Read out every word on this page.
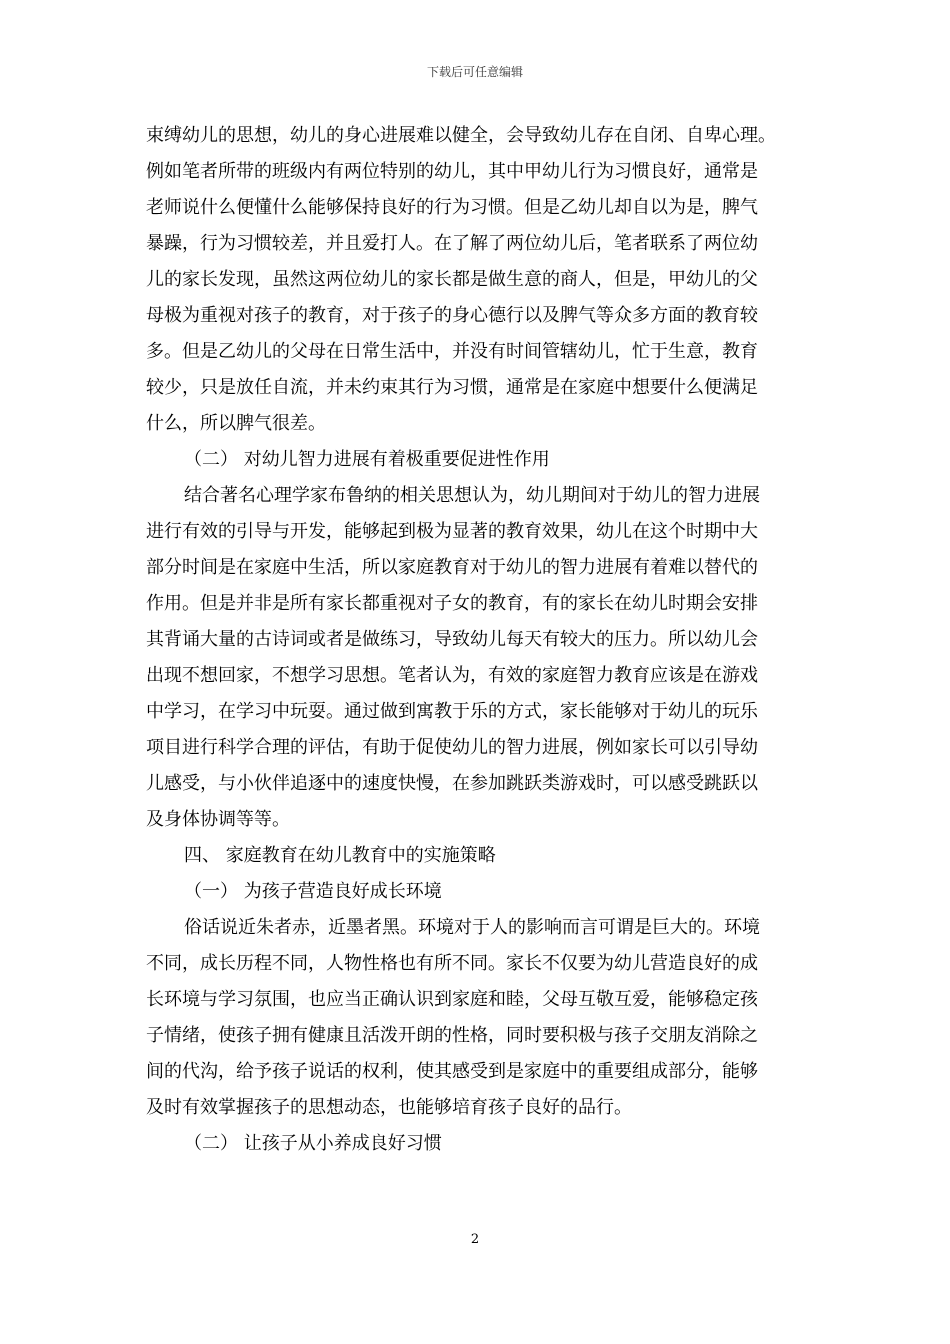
下载后可任意编辑
束缚幼儿的思想，幼儿的身心进展难以健全，会导致幼儿存在自闭、自卑心理。
例如笔者所带的班级内有两位特别的幼儿，其中甲幼儿行为习惯良好，通常是
老师说什么便懂什么能够保持良好的行为习惯。但是乙幼儿却自以为是，脾气
暴躁，行为习惯较差，并且爱打人。在了解了两位幼儿后，笔者联系了两位幼
儿的家长发现，虽然这两位幼儿的家长都是做生意的商人，但是，甲幼儿的父
母极为重视对孩子的教育，对于孩子的身心德行以及脾气等众多方面的教育较
多。但是乙幼儿的父母在日常生活中，并没有时间管辖幼儿，忙于生意，教育
较少，只是放任自流，并未约束其行为习惯，通常是在家庭中想要什么便满足
什么，所以脾气很差。
（二） 对幼儿智力进展有着极重要促进性作用
结合著名心理学家布鲁纳的相关思想认为，幼儿期间对于幼儿的智力进展
进行有效的引导与开发，能够起到极为显著的教育效果，幼儿在这个时期中大
部分时间是在家庭中生活，所以家庭教育对于幼儿的智力进展有着难以替代的
作用。但是并非是所有家长都重视对子女的教育，有的家长在幼儿时期会安排
其背诵大量的古诗词或者是做练习，导致幼儿每天有较大的压力。所以幼儿会
出现不想回家，不想学习思想。笔者认为，有效的家庭智力教育应该是在游戏
中学习，在学习中玩耍。通过做到寓教于乐的方式，家长能够对于幼儿的玩乐
项目进行科学合理的评估，有助于促使幼儿的智力进展，例如家长可以引导幼
儿感受，与小伙伴追逐中的速度快慢，在参加跳跃类游戏时，可以感受跳跃以
及身体协调等等。
四、 家庭教育在幼儿教育中的实施策略
（一） 为孩子营造良好成长环境
俗话说近朱者赤，近墨者黑。环境对于人的影响而言可谓是巨大的。环境
不同，成长历程不同，人物性格也有所不同。家长不仅要为幼儿营造良好的成
长环境与学习氛围，也应当正确认识到家庭和睦，父母互敬互爱，能够稳定孩
子情绪，使孩子拥有健康且活泼开朗的性格，同时要积极与孩子交朋友消除之
间的代沟，给予孩子说话的权利，使其感受到是家庭中的重要组成部分，能够
及时有效掌握孩子的思想动态，也能够培育孩子良好的品行。
（二） 让孩子从小养成良好习惯
2
